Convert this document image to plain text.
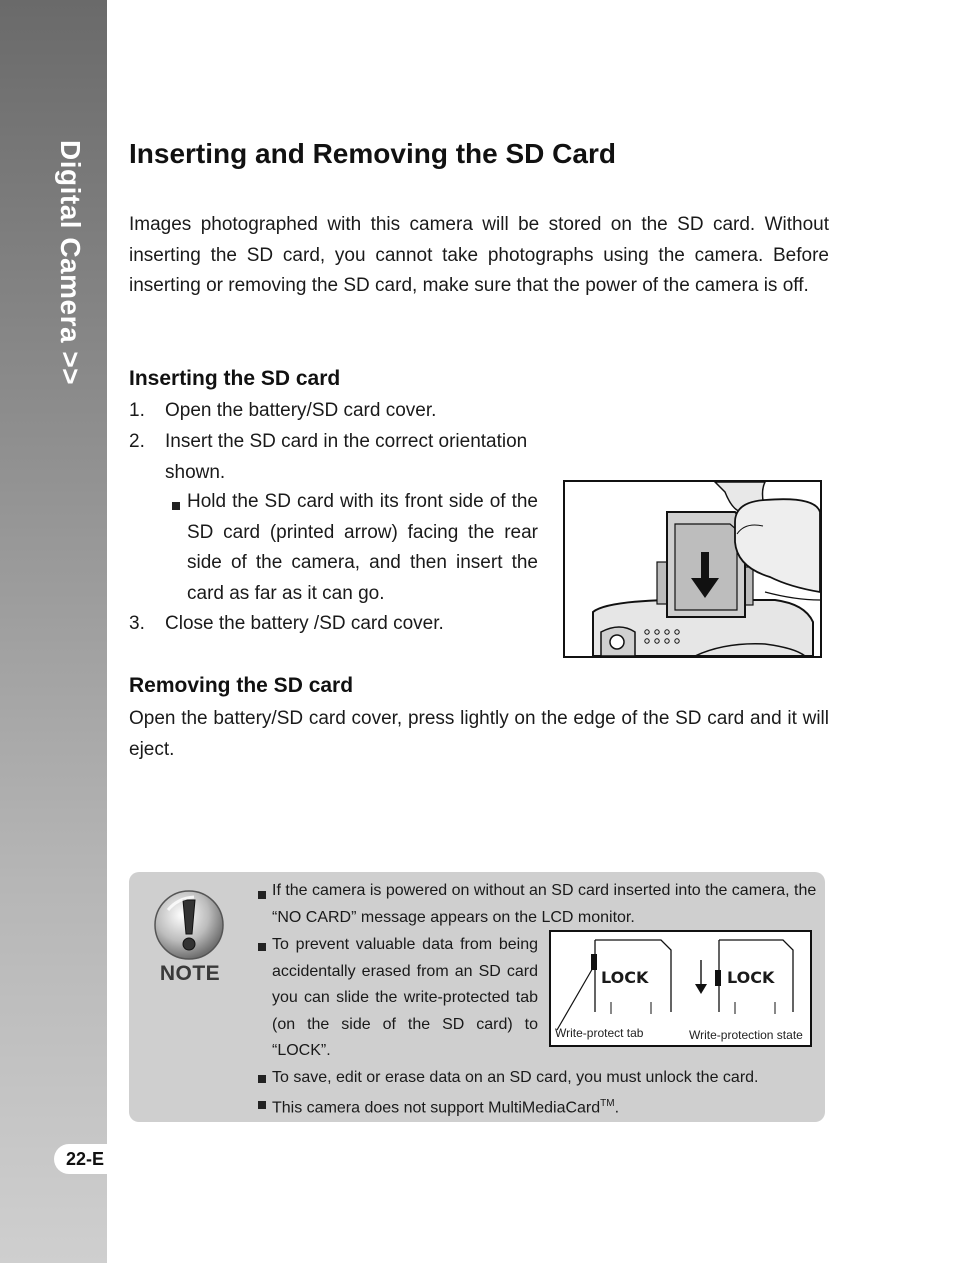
Digital Camera >>
22-E
Inserting and Removing the SD Card

Images photographed with this camera will be stored on the SD card. Without inserting the SD card, you cannot take photographs using the camera. Before inserting or removing the SD card, make sure that the power of the camera is off.

Inserting the SD card
1. Open the battery/SD card cover.
2. Insert the SD card in the correct orientation shown.
Hold the SD card with its front side of the SD card (printed arrow) facing the rear side of the camera, and then insert the card as far as it can go.
3. Close the battery /SD card cover.
Removing the SD card

Open the battery/SD card cover, press lightly on the edge of the SD card and it will eject.

NOTE

If the camera is powered on without an SD card inserted into the camera, the “NO CARD” message appears on the LCD monitor.

To prevent valuable data from being accidentally erased from an SD card you can slide the write-protected tab (on the side of the SD card) to “LOCK”.

LOCK	LOCK
Write-protect tab	Write-protection state

To save, edit or erase data on an SD card, you must unlock the card.

This camera does not support MultiMediaCard™.
